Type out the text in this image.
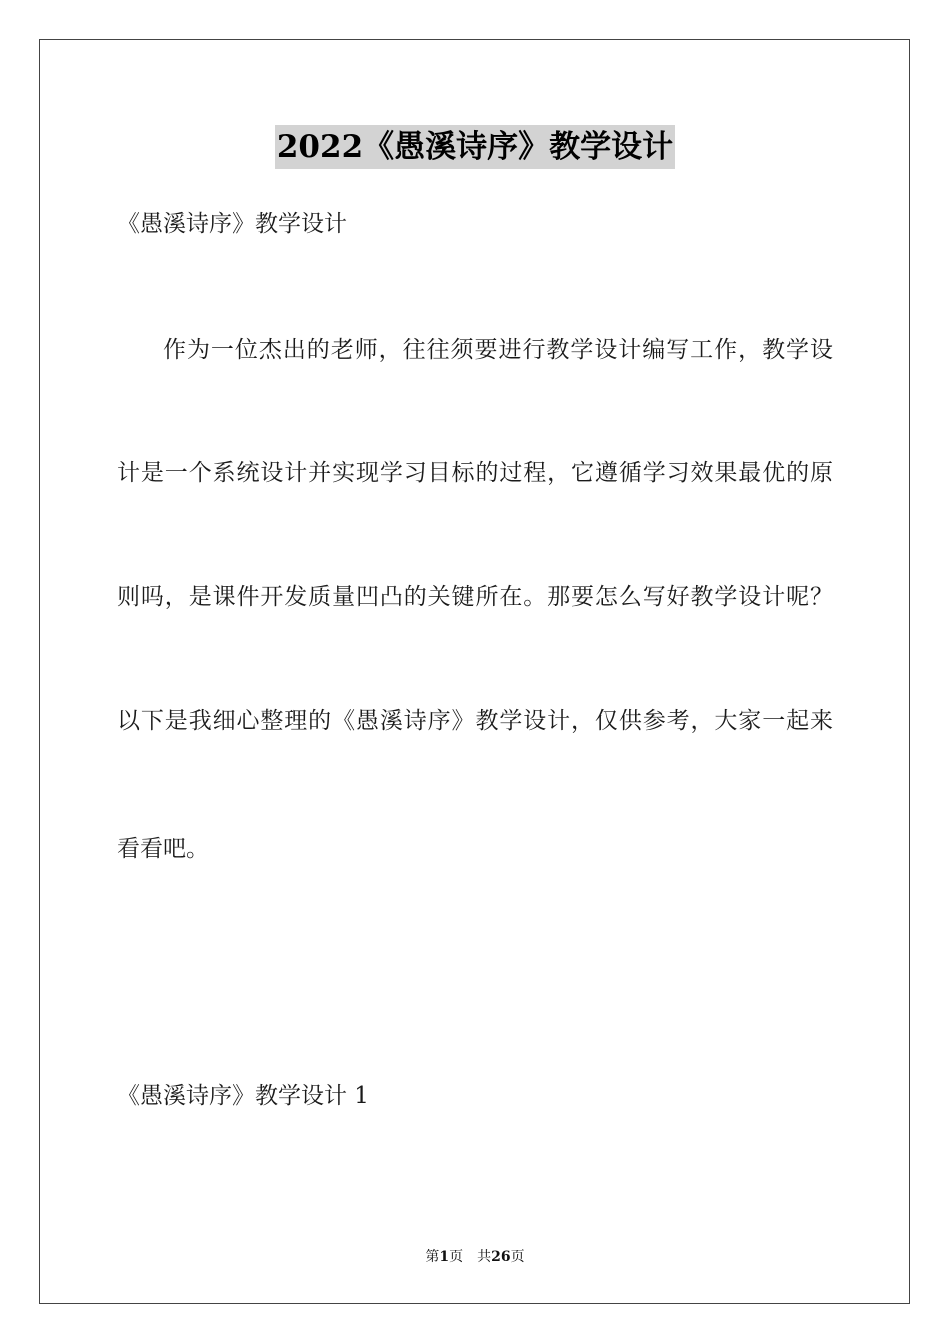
2022《愚溪诗序》教学设计
《愚溪诗序》教学设计
作为一位杰出的老师，往往须要进行教学设计编写工作，教学设
计是一个系统设计并实现学习目标的过程，它遵循学习效果最优的原
则吗，是课件开发质量凹凸的关键所在。那要怎么写好教学设计呢？
以下是我细心整理的《愚溪诗序》教学设计，仅供参考，大家一起来
看看吧。
《愚溪诗序》教学设计 1
第1页 共26页
